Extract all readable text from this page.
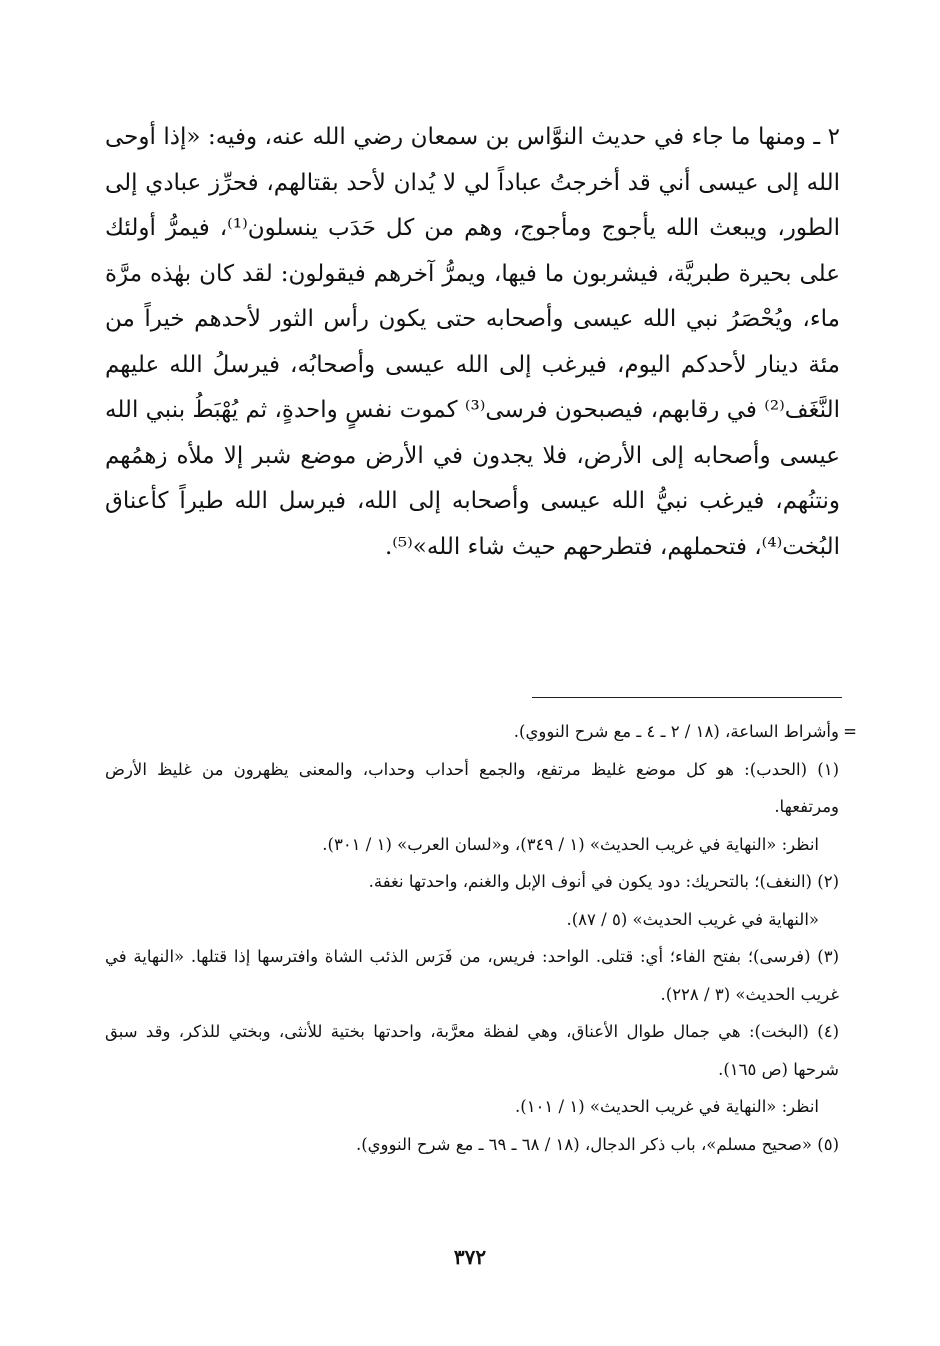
٢ ـ ومنها ما جاء في حديث النوَّاس بن سمعان رضي الله عنه، وفيه: «إذا أوحى الله إلى عيسى أني قد أخرجتُ عباداً لي لا يُدان لأحد بقتالهم، فحرِّز عبادي إلى الطور، ويبعث الله يأجوج ومأجوج، وهم من كل حَدَب ينسلون⁽¹⁾، فيمرُّ أولئك على بحيرة طبريَّة، فيشربون ما فيها، ويمرُّ آخرهم فيقولون: لقد كان بهٰذه مرَّة ماء، ويُحْصَرُ نبي الله عيسى وأصحابه حتى يكون رأس الثور لأحدهم خيراً من مئة دينار لأحدكم اليوم، فيرغب إلى الله عيسى وأصحابُه، فيرسلُ الله عليهم النَّغَف⁽²⁾ في رقابهم، فيصبحون فرسى⁽³⁾ كموت نفسٍ واحدةٍ، ثم يُهْبَطُ بنبي الله عيسى وأصحابه إلى الأرض، فلا يجدون في الأرض موضع شبر إلا ملأه زهمُهم ونتنُهم، فيرغب نبيُّ الله عيسى وأصحابه إلى الله، فيرسل الله طيراً كأعناق البُخت⁽⁴⁾، فتحملهم، فتطرحهم حيث شاء الله»⁽⁵⁾.

=
وأشراط الساعة، (١٨ / ٢ ـ ٤ ـ مع شرح النووي).

(١) (الحدب): هو كل موضع غليظ مرتفع، والجمع أحداب وحداب، والمعنى يظهرون من غليظ الأرض ومرتفعها.

انظر: «النهاية في غريب الحديث» (١ / ٣٤٩)، و«لسان العرب» (١ / ٣٠١).

(٢) (النغف)؛ بالتحريك: دود يكون في أنوف الإبل والغنم، واحدتها نغفة.

«النهاية في غريب الحديث» (٥ / ٨٧).

(٣) (فرسى)؛ بفتح الفاء؛ أي: قتلى. الواحد: فريس، من فَرَس الذئب الشاة وافترسها إذا قتلها. «النهاية في غريب الحديث» (٣ / ٢٢٨).

(٤) (البخت): هي جمال طوال الأعناق، وهي لفظة معرَّبة، واحدتها بختية للأنثى، وبختي للذكر، وقد سبق شرحها (ص ١٦٥).

انظر: «النهاية في غريب الحديث» (١ / ١٠١).

(٥) «صحيح مسلم»، باب ذكر الدجال، (١٨ / ٦٨ ـ ٦٩ ـ مع شرح النووي).

٣٧٢
